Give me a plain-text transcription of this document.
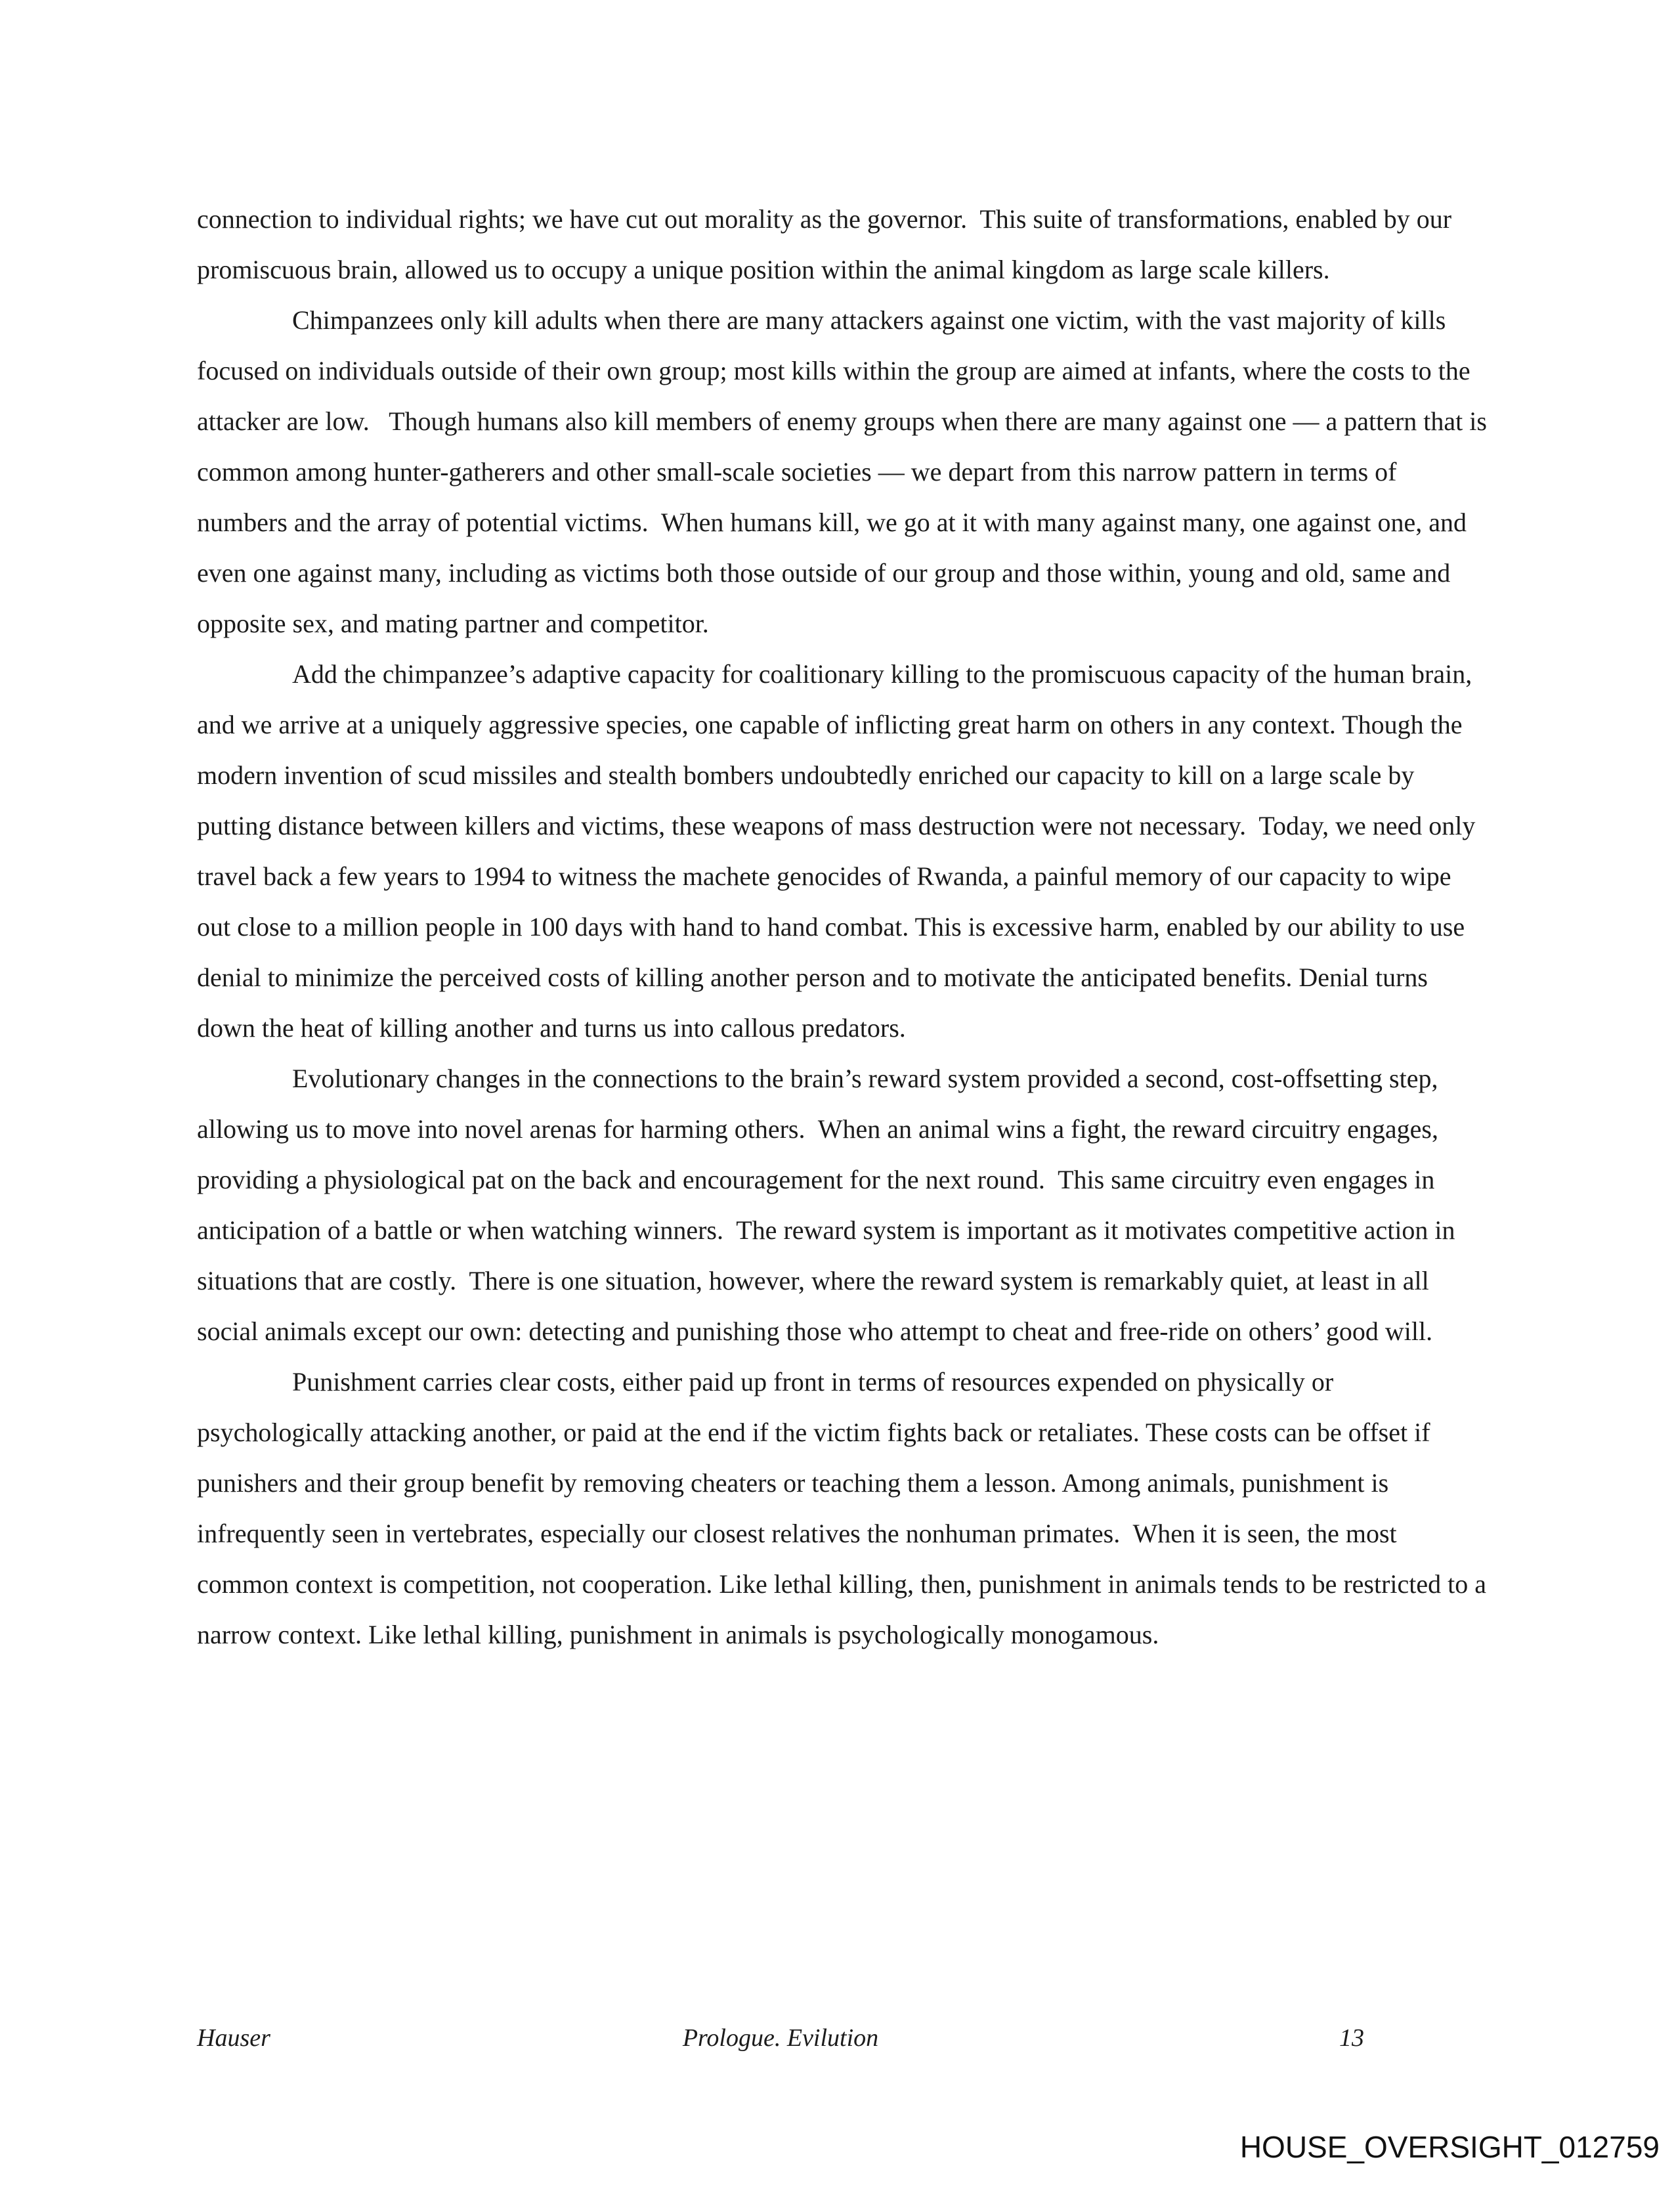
connection to individual rights; we have cut out morality as the governor.  This suite of transformations, enabled by our promiscuous brain, allowed us to occupy a unique position within the animal kingdom as large scale killers.

Chimpanzees only kill adults when there are many attackers against one victim, with the vast majority of kills focused on individuals outside of their own group; most kills within the group are aimed at infants, where the costs to the attacker are low.   Though humans also kill members of enemy groups when there are many against one — a pattern that is common among hunter-gatherers and other small-scale societies — we depart from this narrow pattern in terms of numbers and the array of potential victims.  When humans kill, we go at it with many against many, one against one, and even one against many, including as victims both those outside of our group and those within, young and old, same and opposite sex, and mating partner and competitor.

Add the chimpanzee’s adaptive capacity for coalitionary killing to the promiscuous capacity of the human brain, and we arrive at a uniquely aggressive species, one capable of inflicting great harm on others in any context. Though the modern invention of scud missiles and stealth bombers undoubtedly enriched our capacity to kill on a large scale by putting distance between killers and victims, these weapons of mass destruction were not necessary.  Today, we need only travel back a few years to 1994 to witness the machete genocides of Rwanda, a painful memory of our capacity to wipe out close to a million people in 100 days with hand to hand combat. This is excessive harm, enabled by our ability to use denial to minimize the perceived costs of killing another person and to motivate the anticipated benefits. Denial turns down the heat of killing another and turns us into callous predators.

Evolutionary changes in the connections to the brain’s reward system provided a second, cost-offsetting step, allowing us to move into novel arenas for harming others.  When an animal wins a fight, the reward circuitry engages, providing a physiological pat on the back and encouragement for the next round.  This same circuitry even engages in anticipation of a battle or when watching winners.  The reward system is important as it motivates competitive action in situations that are costly.  There is one situation, however, where the reward system is remarkably quiet, at least in all social animals except our own: detecting and punishing those who attempt to cheat and free-ride on others’ good will.

Punishment carries clear costs, either paid up front in terms of resources expended on physically or psychologically attacking another, or paid at the end if the victim fights back or retaliates. These costs can be offset if punishers and their group benefit by removing cheaters or teaching them a lesson. Among animals, punishment is infrequently seen in vertebrates, especially our closest relatives the nonhuman primates.  When it is seen, the most common context is competition, not cooperation. Like lethal killing, then, punishment in animals tends to be restricted to a narrow context. Like lethal killing, punishment in animals is psychologically monogamous.

Hauser	Prologue. Evilution	13
HOUSE_OVERSIGHT_012759
